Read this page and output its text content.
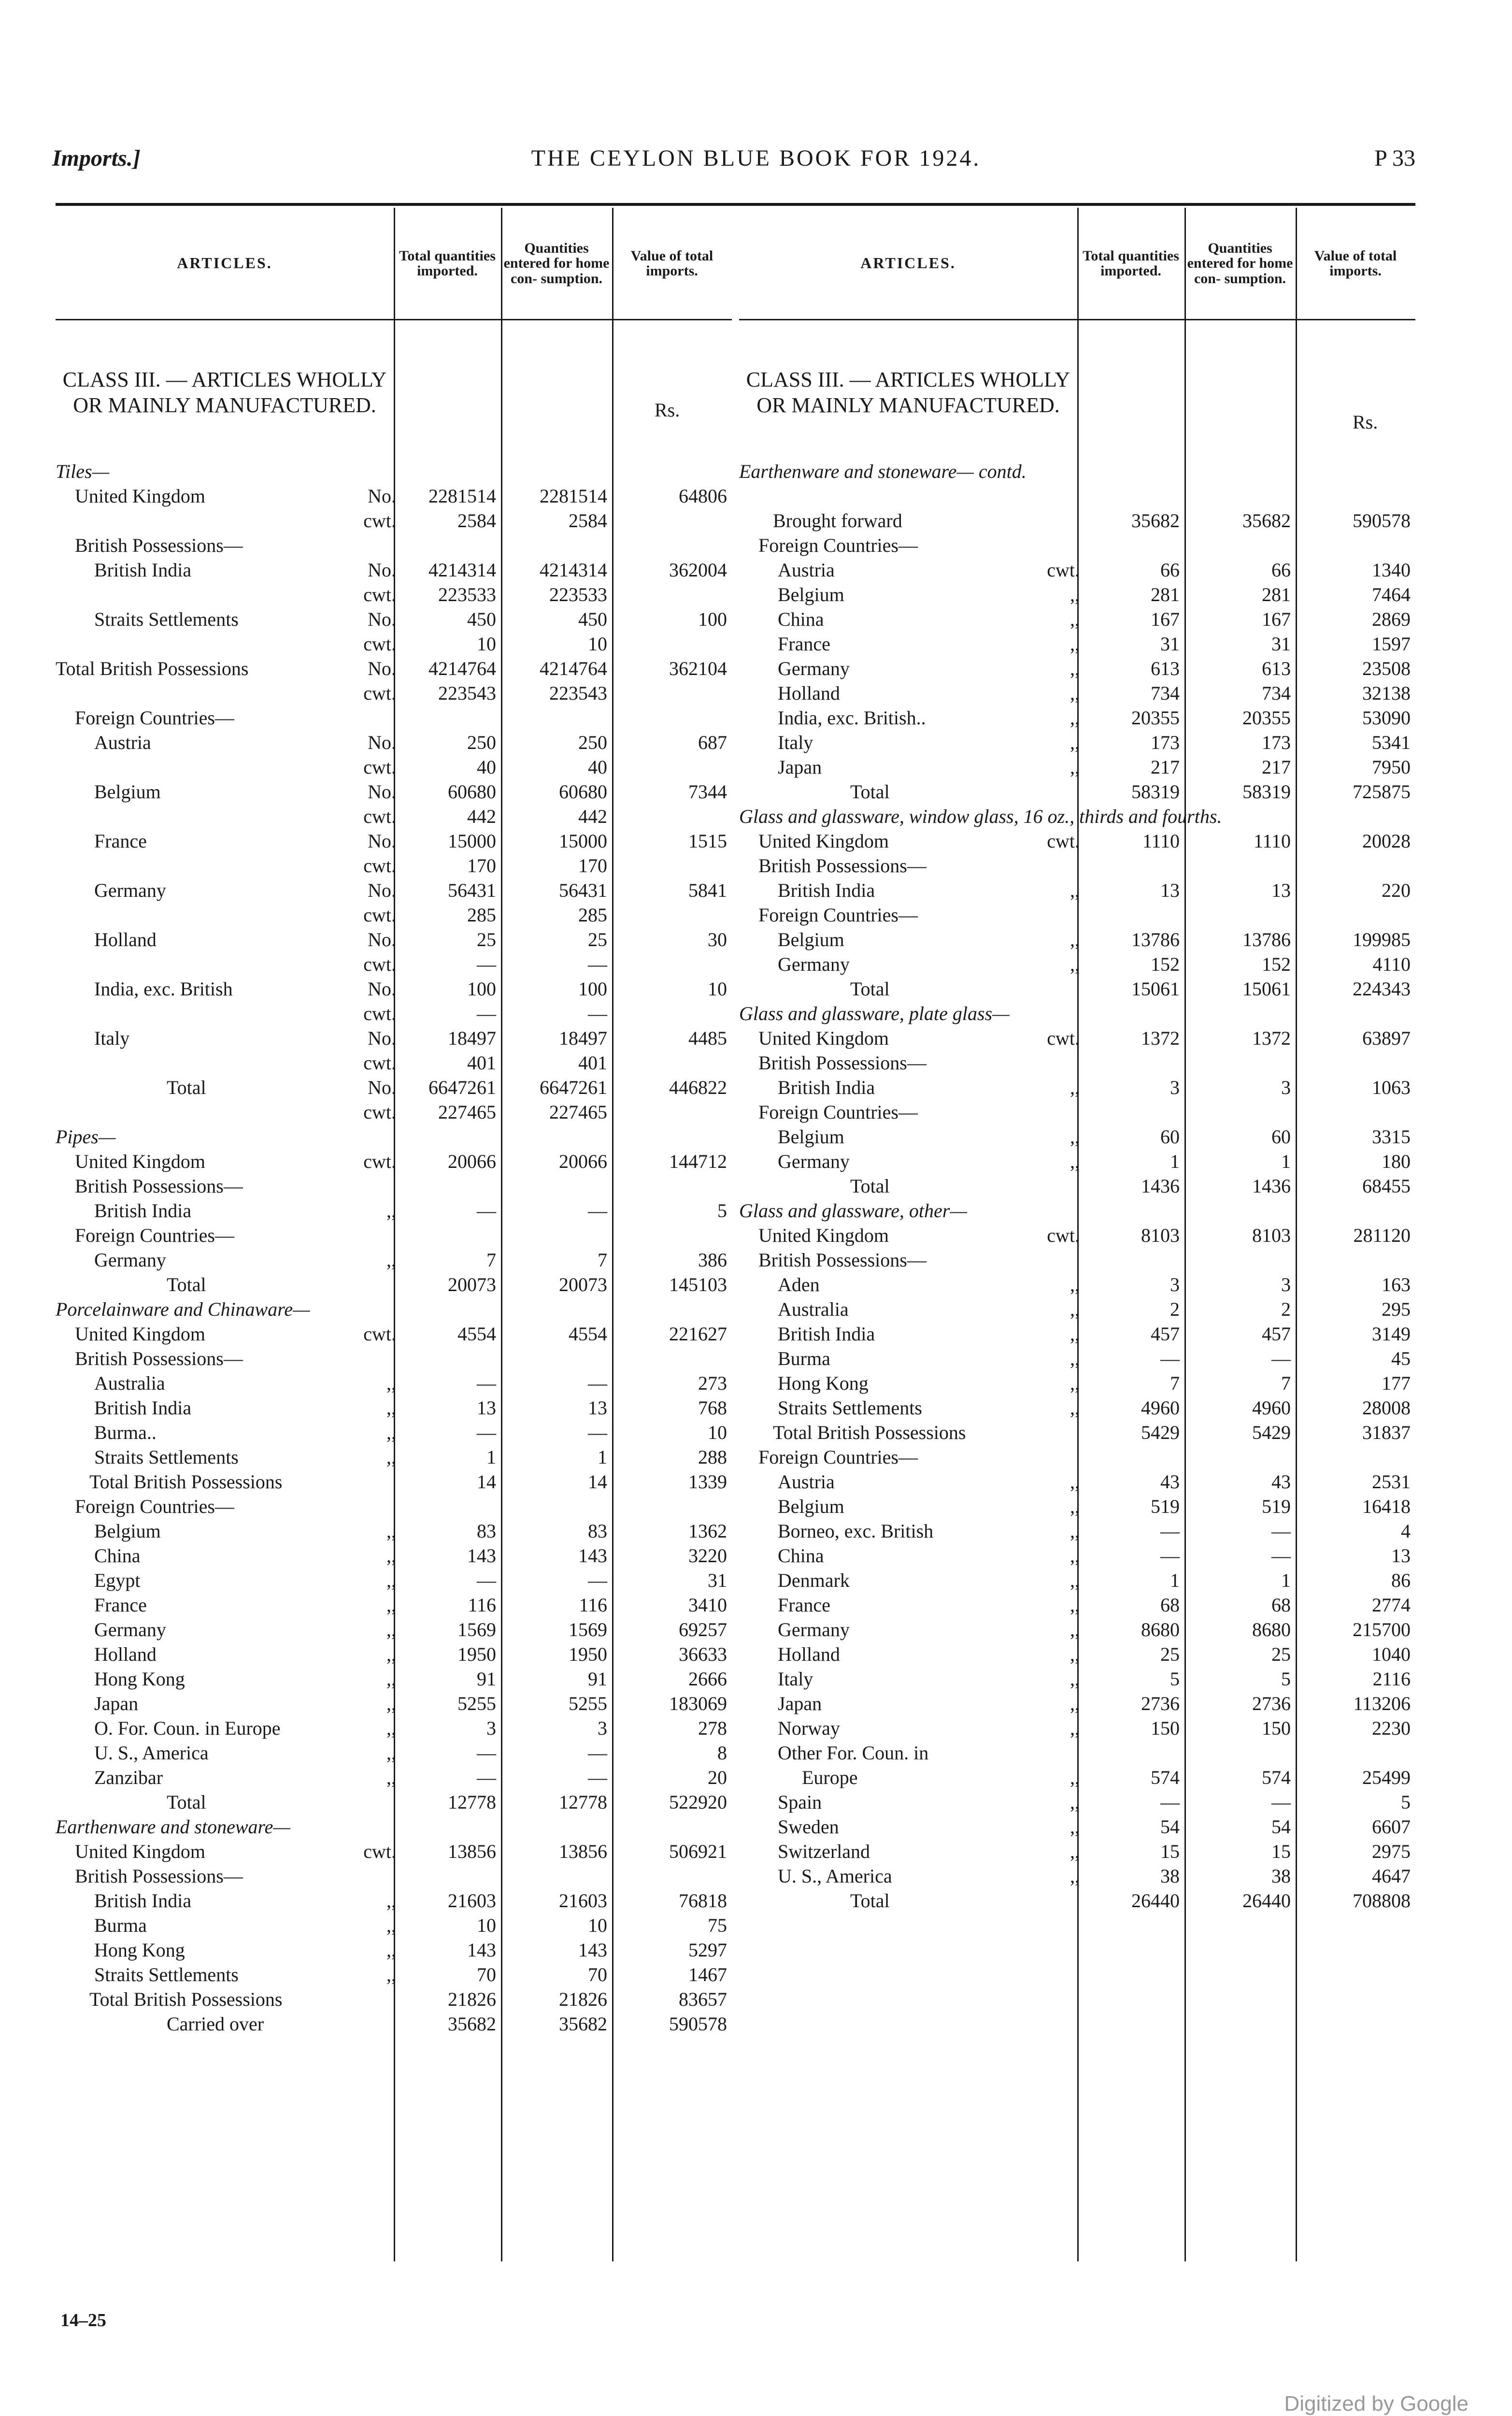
Imports.]	THE CEYLON BLUE BOOK FOR 1924.	P 33
ARTICLES.	Total quantities imported.
Quantities entered for home con- sumption.
Value of total imports.
CLASS III. — ARTICLES WHOLLY OR MAINLY MANUFACTURED.	Rs.
Tiles—
United Kingdom	No.	2281514	2281514	64806
cwt.	2584	2584
British Possessions—
British India	No.	4214314	4214314	362004
cwt.	223533	223533
Straits Settlements	No.	450	450	100
cwt.	10	10
Total British Possessions	No.	4214764	4214764	362104
cwt.	223543	223543
Foreign Countries—
Austria	No.	250	250	687
cwt.	40	40
Belgium	No.	60680	60680	7344
cwt.	442	442
France	No.	15000	15000	1515
cwt.	170	170
Germany	No.	56431	56431	5841
cwt.	285	285
Holland	No.	25	25	30
cwt.	—	—
India, exc. British	No.	100	100	10
cwt.	—	—
Italy	No.	18497	18497	4485
cwt.	401	401
Total	No.	6647261	6647261	446822
cwt.	227465	227465
Pipes—
United Kingdom	cwt.	20066	20066	144712
British Possessions—
British India	,,	—	—	5
Foreign Countries—
Germany	,,	7	7	386
Total	20073	20073	145103
Porcelainware and Chinaware—
United Kingdom	cwt.	4554	4554	221627
British Possessions—
Australia	,,	—	—	273
British India	,,	13	13	768
Burma..	,,	—	—	10
Straits Settlements	,,	1	1	288
Total British Possessions	14	14	1339
Foreign Countries—
Belgium	,,	83	83	1362
China	,,	143	143	3220
Egypt	,,	—	—	31
France	,,	116	116	3410
Germany	,,	1569	1569	69257
Holland	,,	1950	1950	36633
Hong Kong	,,	91	91	2666
Japan	,,	5255	5255	183069
O. For. Coun. in Europe	,,	3	3	278
U. S., America	,,	—	—	8
Zanzibar	,,	—	—	20
Total	12778	12778	522920
Earthenware and stoneware—
United Kingdom	cwt.	13856	13856	506921
British Possessions—
British India	,,	21603	21603	76818
Burma	,,	10	10	75
Hong Kong	,,	143	143	5297
Straits Settlements	,,	70	70	1467
Total British Possessions	21826	21826	83657
Carried over	35682	35682	590578
ARTICLES.	Total quantities imported.
Quantities entered for home con- sumption.
Value of total imports.
CLASS III. — ARTICLES WHOLLY OR MAINLY MANUFACTURED.
Rs.
Earthenware and stoneware— contd.
Brought forward	35682	35682	590578
Foreign Countries—
Austria	cwt.	66	66	1340
Belgium	,,	281	281	7464
China	,,	167	167	2869
France	,,	31	31	1597
Germany	,,	613	613	23508
Holland	,,	734	734	32138
India, exc. British..	,,	20355	20355	53090
Italy	,,	173	173	5341
Japan	,,	217	217	7950
Total	58319	58319	725875
Glass and glassware, window glass, 16 oz., thirds and fourths.
United Kingdom	cwt.	1110	1110	20028
British Possessions—
British India	,,	13	13	220
Foreign Countries—
Belgium	,,	13786	13786	199985
Germany	,,	152	152	4110
Total	15061	15061	224343
Glass and glassware, plate glass—
United Kingdom	cwt.	1372	1372	63897
British Possessions—
British India	,,	3	3	1063
Foreign Countries—
Belgium	,,	60	60	3315
Germany	,,	1	1	180
Total	1436	1436	68455
Glass and glassware, other—
United Kingdom	cwt.	8103	8103	281120
British Possessions—
Aden	,,	3	3	163
Australia	,,	2	2	295
British India	,,	457	457	3149
Burma	,,	—	—	45
Hong Kong	,,	7	7	177
Straits Settlements	,,	4960	4960	28008
Total British Possessions	5429	5429	31837
Foreign Countries—
Austria	,,	43	43	2531
Belgium	,,	519	519	16418
Borneo, exc. British	,,	—	—	4
China	,,	—	—	13
Denmark	,,	1	1	86
France	,,	68	68	2774
Germany	,,	8680	8680	215700
Holland	,,	25	25	1040
Italy	,,	5	5	2116
Japan	,,	2736	2736	113206
Norway	,,	150	150	2230
Other For. Coun. in
Europe	,,	574	574	25499
Spain	,,	—	—	5
Sweden	,,	54	54	6607
Switzerland	,,	15	15	2975
U. S., America	,,	38	38	4647
Total	26440	26440	708808
14–25
Digitized by Google
